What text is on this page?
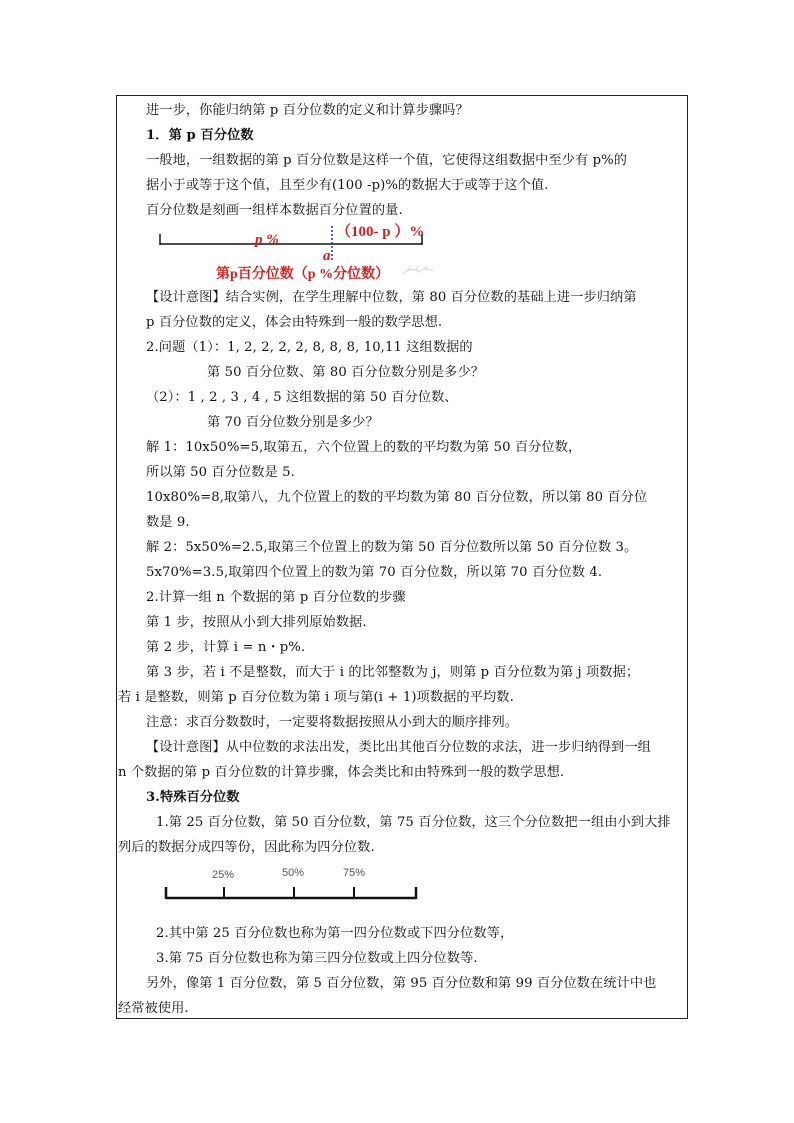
进一步，你能归纳第 p 百分位数的定义和计算步骤吗？
1．第 p 百分位数
一般地，一组数据的第 p 百分位数是这样一个值，它使得这组数据中至少有 p%的
据小于或等于这个值，且至少有(100 -p)%的数据大于或等于这个值.
百分位数是刻画一组样本数据百分位置的量.
p %	（100- p ）%
a
第p百分位数（p %分位数）
【设计意图】结合实例，在学生理解中位数，第 80 百分位数的基础上进一步归纳第
p 百分位数的定义，体会由特殊到一般的数学思想.
2.问题（1）：1, 2, 2, 2, 2, 8, 8, 8, 10,11 这组数据的
第 50 百分位数、第 80 百分位数分别是多少？
（2）：1 , 2 , 3 , 4 , 5 这组数据的第 50 百分位数、
第 70 百分位数分别是多少？
解 1：10x50%=5,取第五，六个位置上的数的平均数为第 50 百分位数，
所以第 50 百分位数是 5.
10x80%=8,取第八，九个位置上的数的平均数为第 80 百分位数，所以第 80 百分位
数是 9.
解 2：5x50%=2.5,取第三个位置上的数为第 50 百分位数所以第 50 百分位数 3。
5x70%=3.5,取第四个位置上的数为第 70 百分位数，所以第 70 百分位数 4.
2.计算一组 n 个数据的第 p 百分位数的步骤
第 1 步，按照从小到大排列原始数据.
第 2 步，计算 i = n・p%.
第 3 步，若 i 不是整数，而大于 i 的比邻整数为 j，则第 p 百分位数为第 j 项数据；
若 i 是整数，则第 p 百分位数为第 i 项与第(i + 1)项数据的平均数.
注意：求百分数数时，一定要将数据按照从小到大的顺序排列。
【设计意图】从中位数的求法出发，类比出其他百分位数的求法，进一步归纳得到一组
n 个数据的第 p 百分位数的计算步骤，体会类比和由特殊到一般的数学思想.
3.特殊百分位数
1.第 25 百分位数，第 50 百分位数，第 75 百分位数，这三个分位数把一组由小到大排
列后的数据分成四等份，因此称为四分位数.
25%	50%	75%
2.其中第 25 百分位数也称为第一四分位数或下四分位数等，
3.第 75 百分位数也称为第三四分位数或上四分位数等.
另外，像第 1 百分位数，第 5 百分位数，第 95 百分位数和第 99 百分位数在统计中也
经常被使用.
